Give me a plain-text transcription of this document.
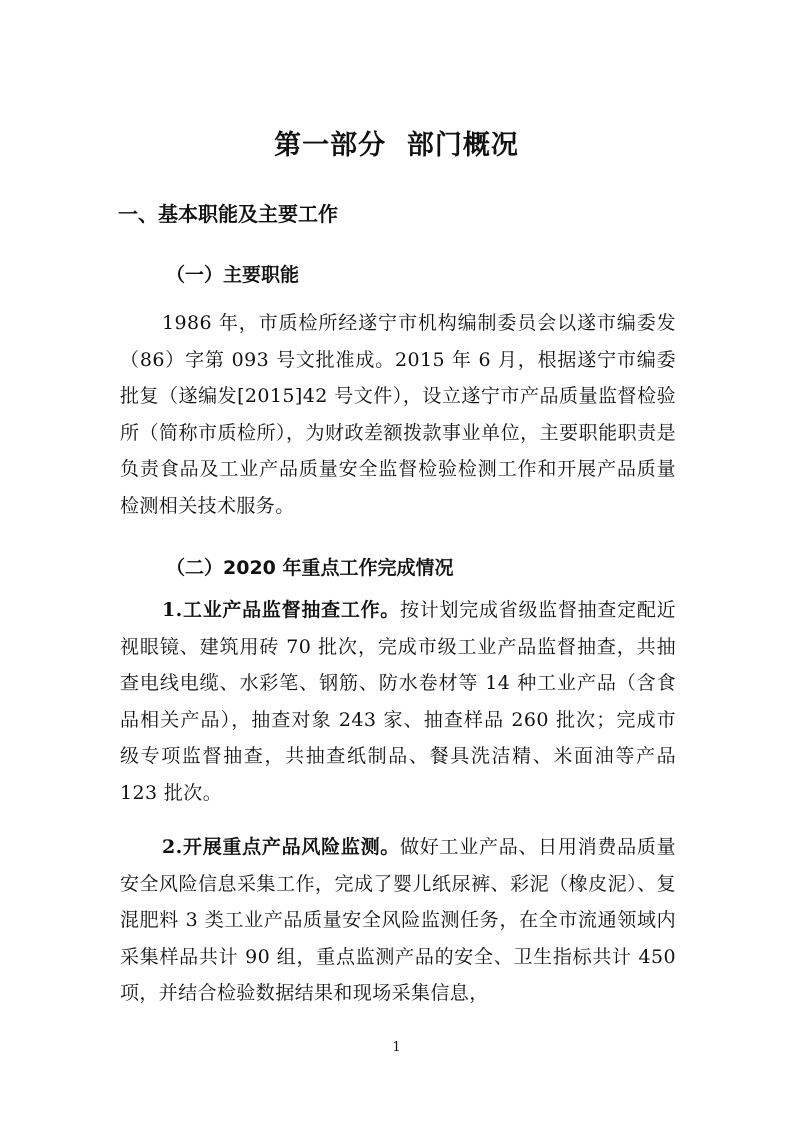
第一部分  部门概况
一、基本职能及主要工作
（一）主要职能

1986 年，市质检所经遂宁市机构编制委员会以遂市编委发（86）字第 093 号文批准成。2015 年 6 月，根据遂宁市编委批复（遂编发[2015]42 号文件），设立遂宁市产品质量监督检验所（简称市质检所），为财政差额拨款事业单位，主要职能职责是负责食品及工业产品质量安全监督检验检测工作和开展产品质量检测相关技术服务。

（二）2020 年重点工作完成情况

1.工业产品监督抽查工作。按计划完成省级监督抽查定配近视眼镜、建筑用砖 70 批次，完成市级工业产品监督抽查，共抽查电线电缆、水彩笔、钢筋、防水卷材等 14 种工业产品（含食品相关产品），抽查对象 243 家、抽查样品 260 批次；完成市级专项监督抽查，共抽查纸制品、餐具洗洁精、米面油等产品 123 批次。

2.开展重点产品风险监测。做好工业产品、日用消费品质量安全风险信息采集工作，完成了婴儿纸尿裤、彩泥（橡皮泥）、复混肥料 3 类工业产品质量安全风险监测任务，在全市流通领域内采集样品共计 90 组，重点监测产品的安全、卫生指标共计 450 项，并结合检验数据结果和现场采集信息，

1
